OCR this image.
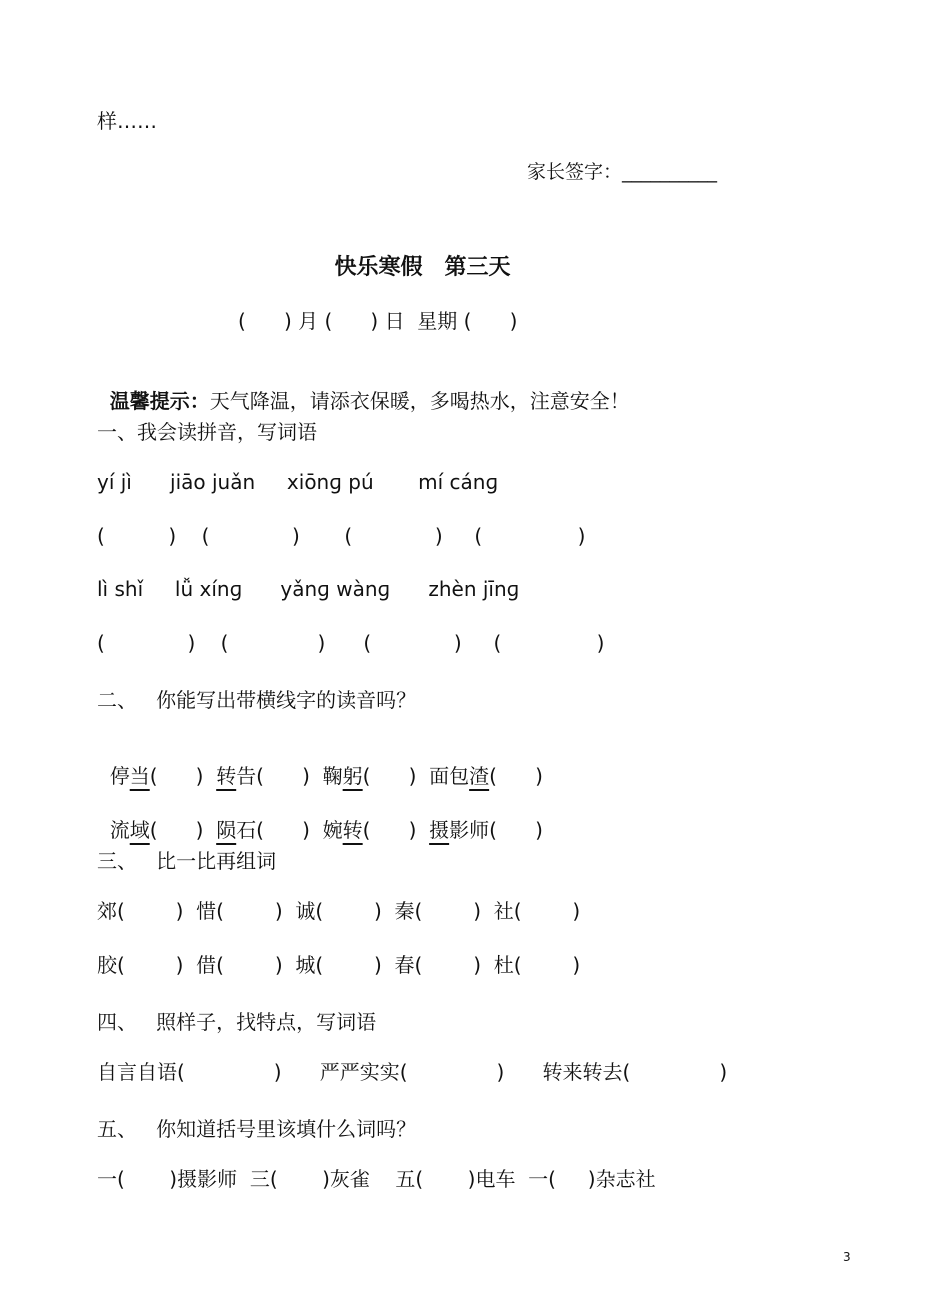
样……
家长签字：__________
快乐寒假　第三天
(      ) 月 (      ) 日  星期 (      )

温馨提示：天气降温，请添衣保暖，多喝热水，注意安全！

一、我会读拼音，写词语
yí jì      jiāo juǎn     xiōnɡ pú       mí cánɡ
(          )    (             )       (             )     (               )
lì shǐ     lǚ xínɡ      yǎnɡ wànɡ      zhèn jīnɡ
(             )    (              )      (             )     (               )
二、   你能写出带横线字的读音吗？

停当(      )  转告(      )  鞠躬(      )  面包渣(      )

流域(      )  陨石(      )  婉转(      )  摄影师(      )

三、   比一比再组词
郊(        )  惜(        )  诚(        )  秦(        )  社(        )
胶(        )  借(        )  城(        )  春(        )  杜(        )
四、   照样子，找特点，写词语
自言自语(              )      严严实实(              )      转来转去(              )
五、   你知道括号里该填什么词吗？
一(       )摄影师  三(       )灰雀    五(       )电车  一(     )杂志社
3
